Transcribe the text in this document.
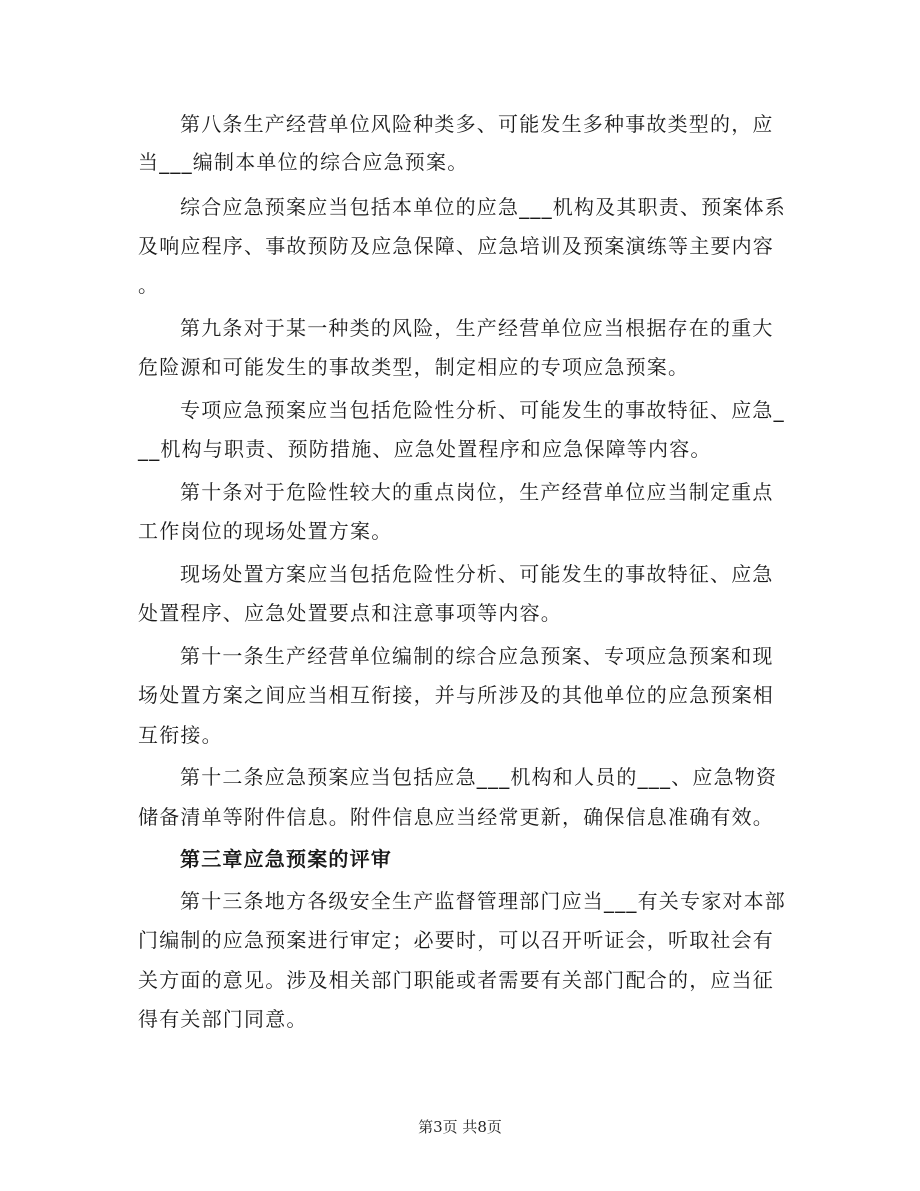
第八条生产经营单位风险种类多、可能发生多种事故类型的，应
当___编制本单位的综合应急预案。
综合应急预案应当包括本单位的应急___机构及其职责、预案体系
及响应程序、事故预防及应急保障、应急培训及预案演练等主要内容
。
第九条对于某一种类的风险，生产经营单位应当根据存在的重大
危险源和可能发生的事故类型，制定相应的专项应急预案。
专项应急预案应当包括危险性分析、可能发生的事故特征、应急_
__机构与职责、预防措施、应急处置程序和应急保障等内容。
第十条对于危险性较大的重点岗位，生产经营单位应当制定重点
工作岗位的现场处置方案。
现场处置方案应当包括危险性分析、可能发生的事故特征、应急
处置程序、应急处置要点和注意事项等内容。
第十一条生产经营单位编制的综合应急预案、专项应急预案和现
场处置方案之间应当相互衔接，并与所涉及的其他单位的应急预案相
互衔接。
第十二条应急预案应当包括应急___机构和人员的___、应急物资
储备清单等附件信息。附件信息应当经常更新，确保信息准确有效。
第三章应急预案的评审
第十三条地方各级安全生产监督管理部门应当___有关专家对本部
门编制的应急预案进行审定；必要时，可以召开听证会，听取社会有
关方面的意见。涉及相关部门职能或者需要有关部门配合的，应当征
得有关部门同意。
第3页 共8页
